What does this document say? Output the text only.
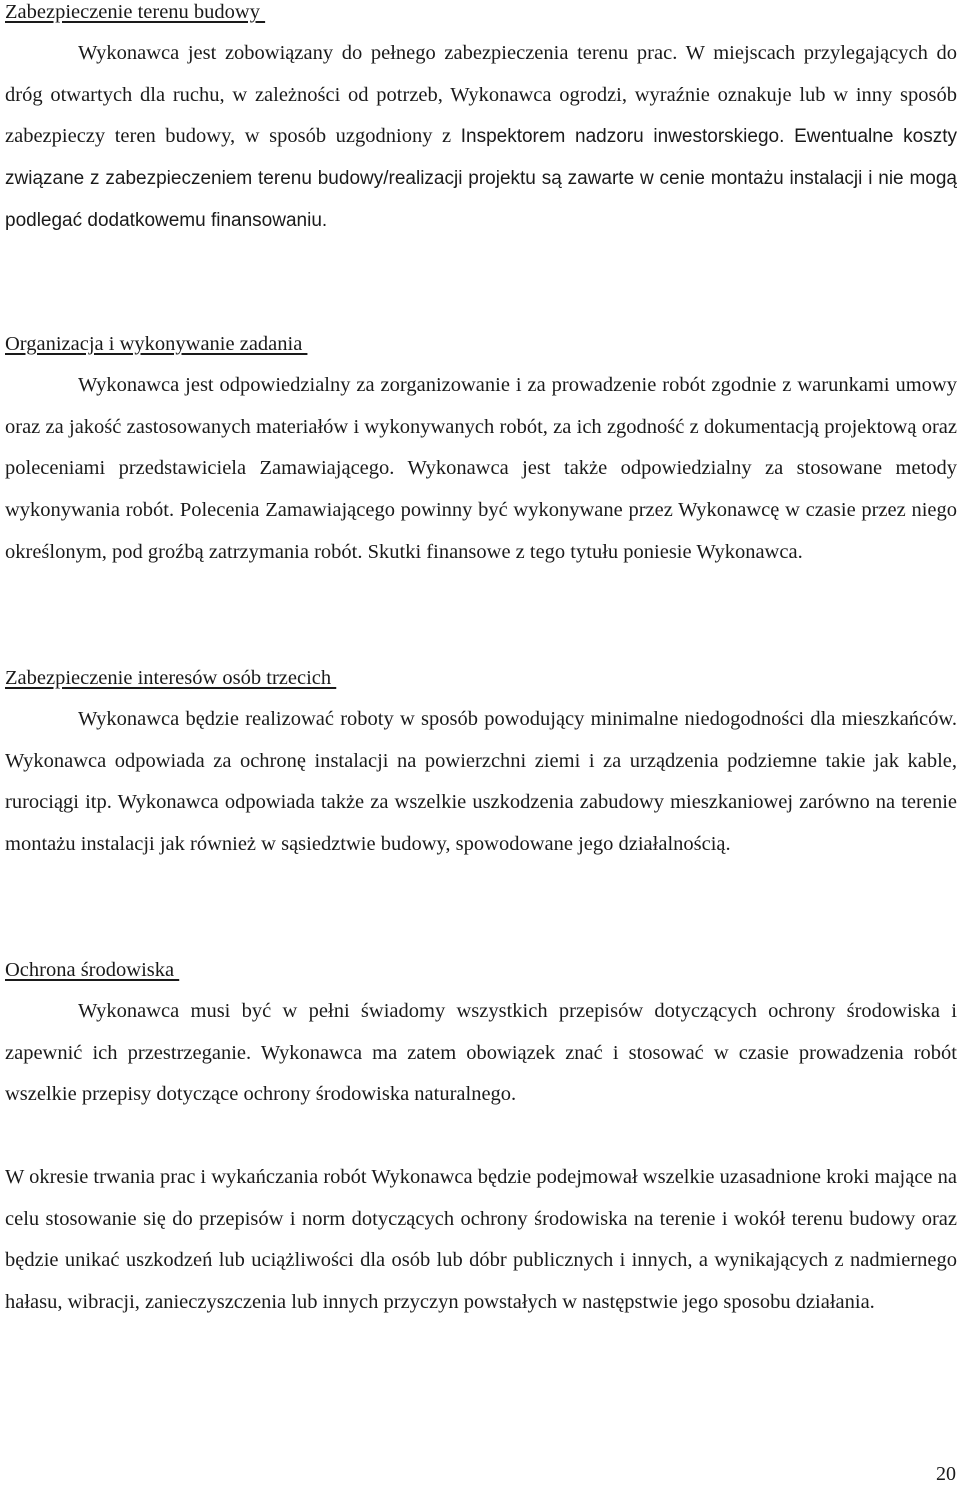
Zabezpieczenie terenu budowy

Wykonawca jest zobowiązany do pełnego zabezpieczenia terenu prac. W miejscach przylegających do dróg otwartych dla ruchu, w zależności od potrzeb, Wykonawca ogrodzi, wyraźnie oznakuje lub w inny sposób zabezpieczy teren budowy, w sposób uzgodniony z Inspektorem nadzoru inwestorskiego. Ewentualne koszty związane z zabezpieczeniem terenu budowy/realizacji projektu są zawarte w cenie montażu instalacji i nie mogą podlegać dodatkowemu finansowaniu.

Organizacja i wykonywanie zadania

Wykonawca jest odpowiedzialny za zorganizowanie i za prowadzenie robót zgodnie z warunkami umowy oraz za jakość zastosowanych materiałów i wykonywanych robót, za ich zgodność z dokumentacją projektową oraz poleceniami przedstawiciela Zamawiającego. Wykonawca jest także odpowiedzialny za stosowane metody wykonywania robót. Polecenia Zamawiającego powinny być wykonywane przez Wykonawcę w czasie przez niego określonym, pod groźbą zatrzymania robót. Skutki finansowe z tego tytułu poniesie Wykonawca.

Zabezpieczenie interesów osób trzecich

Wykonawca będzie realizować roboty w sposób powodujący minimalne niedogodności dla mieszkańców. Wykonawca odpowiada za ochronę instalacji na powierzchni ziemi i za urządzenia podziemne takie jak kable, rurociągi itp. Wykonawca odpowiada także za wszelkie uszkodzenia zabudowy mieszkaniowej zarówno na terenie montażu instalacji jak również w sąsiedztwie budowy, spowodowane jego działalnością.

Ochrona środowiska

Wykonawca musi być w pełni świadomy wszystkich przepisów dotyczących ochrony środowiska i zapewnić ich przestrzeganie. Wykonawca ma zatem obowiązek znać i stosować w czasie prowadzenia robót wszelkie przepisy dotyczące ochrony środowiska naturalnego.

W okresie trwania prac i wykańczania robót Wykonawca będzie podejmował wszelkie uzasadnione kroki mające na celu stosowanie się do przepisów i norm dotyczących ochrony środowiska na terenie i wokół terenu budowy oraz będzie unikać uszkodzeń lub uciążliwości dla osób lub dóbr publicznych i innych, a wynikających z nadmiernego hałasu, wibracji, zanieczyszczenia lub innych przyczyn powstałych w następstwie jego sposobu działania.

20
